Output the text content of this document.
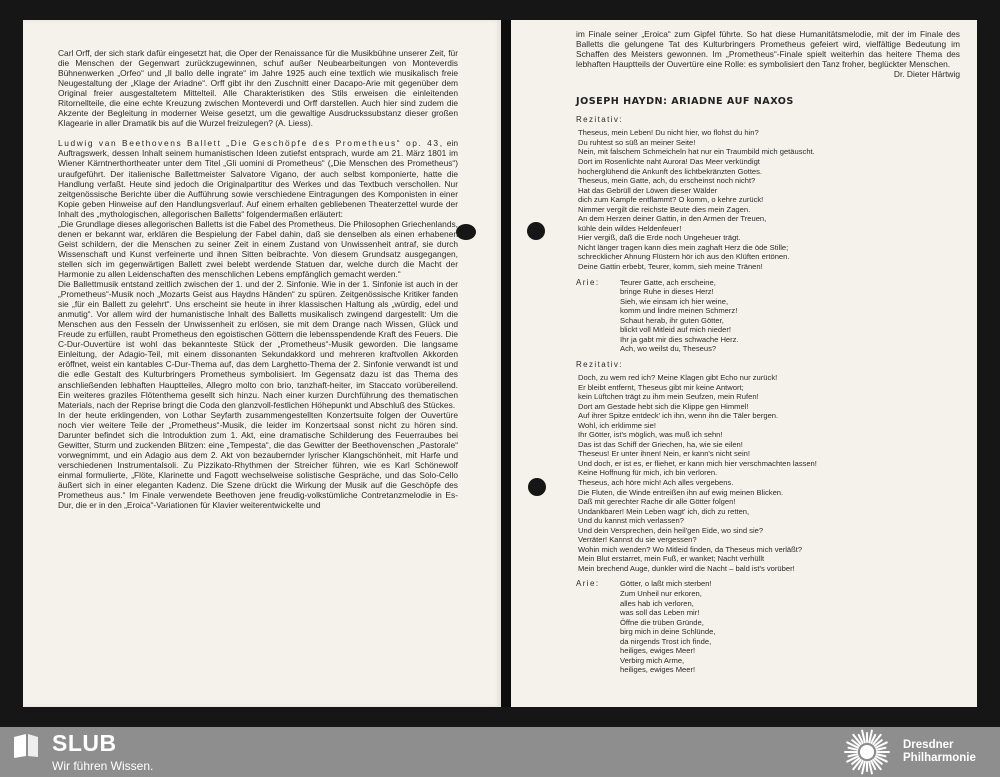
Carl Orff, der sich stark dafür eingesetzt hat, die Oper der Renaissance für die Musikbühne unserer Zeit, für die Menschen der Gegenwart zurückzugewinnen, schuf außer Neubearbeitungen von Monteverdis Bühnenwerken „Orfeo“ und „Il ballo delle ingrate“ im Jahre 1925 auch eine textlich wie musikalisch freie Neugestaltung der „Klage der Ariadne“. Orff gibt ihr den Zuschnitt einer Dacapo-Arie mit gegenüber dem Original freier ausgestaltetem Mittelteil. Alle Charakteristiken des Stils erweisen die einleitenden Ritornellteile, die eine echte Kreuzung zwischen Monteverdi und Orff darstellen. Auch hier sind zudem die Akzente der Begleitung in moderner Weise gesetzt, um die gewaltige Ausdruckssubstanz dieser großen Klagearie in aller Dramatik bis auf die Wurzel freizulegen? (A. Liess).

Ludwig van Beethovens Ballett „Die Geschöpfe des Prometheus“ op. 43, ein Auftragswerk, dessen Inhalt seinem humanistischen Ideen zutiefst entsprach, wurde am 21. März 1801 im Wiener Kärntnerthortheater unter dem Titel „Gli uomini di Prometheus“ („Die Menschen des Prometheus“) uraufgeführt. Der italienische Ballettmeister Salvatore Vigano, der auch selbst komponierte, hatte die Handlung verfaßt. Heute sind jedoch die Originalpartitur des Werkes und das Textbuch verschollen. Nur zeitgenössische Berichte über die Aufführung sowie verschiedene Eintragungen des Komponisten in einer Kopie geben Hinweise auf den Handlungsverlauf. Auf einem erhalten gebliebenen Theaterzettel wurde der Inhalt des „mythologischen, allegorischen Balletts“ folgendermaßen erläutert:

„Die Grundlage dieses allegorischen Balletts ist die Fabel des Prometheus. Die Philosophen Griechenlands, denen er bekannt war, erklären die Bespielung der Fabel dahin, daß sie denselben als einen erhabenen Geist schildern, der die Menschen zu seiner Zeit in einem Zustand von Unwissenheit antraf, sie durch Wissenschaft und Kunst verfeinerte und ihnen Sitten beibrachte. Von diesem Grundsatz ausgegangen, stellen sich im gegenwärtigen Ballett zwei belebt werdende Statuen dar, welche durch die Macht der Harmonie zu allen Leidenschaften des menschlichen Lebens empfänglich gemacht werden.“

Die Ballettmusik entstand zeitlich zwischen der 1. und der 2. Sinfonie. Wie in der 1. Sinfonie ist auch in der „Prometheus“-Musik noch „Mozarts Geist aus Haydns Händen“ zu spüren. Zeitgenössische Kritiker fanden sie „für ein Ballett zu gelehrt“. Uns erscheint sie heute in ihrer klassischen Haltung als „würdig, edel und anmutig“. Vor allem wird der humanistische Inhalt des Balletts musikalisch zwingend dargestellt: Um die Menschen aus den Fesseln der Unwissenheit zu erlösen, sie mit dem Drange nach Wissen, Glück und Freude zu erfüllen, raubt Prometheus den egoistischen Göttern die lebensspendende Kraft des Feuers. Die C-Dur-Ouvertüre ist wohl das bekannteste Stück der „Prometheus“-Musik geworden. Die langsame Einleitung, der Adagio-Teil, mit einem dissonanten Sekundakkord und mehreren kraftvollen Akkorden eröffnet, weist ein kantables C-Dur-Thema auf, das dem Larghetto-Thema der 2. Sinfonie verwandt ist und die edle Gestalt des Kulturbringers Prometheus symbolisiert. Im Gegensatz dazu ist das Thema des anschließenden lebhaften Hauptteiles, Allegro molto con brio, tanzhaft-heiter, im Staccato vorübereilend. Ein weiteres graziles Flötenthema gesellt sich hinzu. Nach einer kurzen Durchführung des thematischen Materials, nach der Reprise bringt die Coda den glanzvoll-festlichen Höhepunkt und Abschluß des Stückes.

In der heute erklingenden, von Lothar Seyfarth zusammengestellten Konzertsuite folgen der Ouvertüre noch vier weitere Teile der „Prometheus“-Musik, die leider im Konzertsaal sonst nicht zu hören sind. Darunter befindet sich die Introduktion zum 1. Akt, eine dramatische Schilderung des Feuerraubes bei Gewitter, Sturm und zuckenden Blitzen: eine „Tempesta“, die das Gewitter der Beethovenschen „Pastorale“ vorwegnimmt, und ein Adagio aus dem 2. Akt von bezaubernder lyrischer Klangschönheit, mit Harfe und verschiedenen Instrumentalsoli. Zu Pizzikato-Rhythmen der Streicher führen, wie es Karl Schönewolf einmal formulierte, „Flöte, Klarinette und Fagott wechselweise solistische Gespräche, und das Solo-Cello äußert sich in einer eleganten Kadenz. Die Szene drückt die Wirkung der Musik auf die Geschöpfe des Prometheus aus.“ Im Finale verwendete Beethoven jene freudig-volkstümliche Contretanzmelodie in Es-Dur, die er in den „Eroica“-Variationen für Klavier weiterentwickelte und

im Finale seiner „Eroica“ zum Gipfel führte. So hat diese Humanitätsmelodie, mit der im Finale des Balletts die gelungene Tat des Kulturbringers Prometheus gefeiert wird, vielfältige Bedeutung im Schaffen des Meisters gewonnen. Im „Prometheus“-Finale spielt weiterhin das heitere Thema des lebhaften Hauptteils der Ouvertüre eine Rolle: es symbolisiert den Tanz froher, beglückter Menschen.

Dr. Dieter Härtwig

JOSEPH HAYDN: ARIADNE AUF NAXOS
Rezitativ:
Theseus, mein Leben! Du nicht hier, wo flohst du hin?
Du ruhtest so süß an meiner Seite!
Nein, mit falschem Schmeicheln hat nur ein Traumbild mich getäuscht.
Dort im Rosenlichte naht Aurora! Das Meer verkündigt
hocherglühend die Ankunft des lichtbekränzten Gottes.
Theseus, mein Gatte, ach, du erscheinst noch nicht?
Hat das Gebrüll der Löwen dieser Wälder
dich zum Kampfe entflammt? O komm, o kehre zurück!
Nimmer vergilt die reichste Beute dies mein Zagen.
An dem Herzen deiner Gattin, in den Armen der Treuen,
kühle dein wildes Heldenfeuer!
Hier vergiß, daß die Erde noch Ungeheuer trägt.
Nicht länger tragen kann dies mein zaghaft Herz die öde Stille;
schrecklicher Ahnung Flüstern hör ich aus den Klüften ertönen.
Deine Gattin erbebt, Teurer, komm, sieh meine Tränen!
Arie:	Teurer Gatte, ach erscheine,
bringe Ruhe in dieses Herz!
Sieh, wie einsam ich hier weine,
komm und lindre meinen Schmerz!
Schaut herab, ihr guten Götter,
blickt voll Mitleid auf mich nieder!
Ihr ja gabt mir dies schwache Herz.
Ach, wo weilst du, Theseus?
Rezitativ:
Doch, zu wem red ich? Meine Klagen gibt Echo nur zurück!
Er bleibt entfernt, Theseus gibt mir keine Antwort;
kein Lüftchen trägt zu ihm mein Seufzen, mein Rufen!
Dort am Gestade hebt sich die Klippe gen Himmel!
Auf ihrer Spitze entdeck' ich ihn, wenn ihn die Täler bergen.
Wohl, ich erklimme sie!
Ihr Götter, ist's möglich, was muß ich sehn!
Das ist das Schiff der Griechen, ha, wie sie eilen!
Theseus! Er unter ihnen! Nein, er kann's nicht sein!
Und doch, er ist es, er fliehet, er kann mich hier verschmachten lassen!
Keine Hoffnung für mich, ich bin verloren.
Theseus, ach höre mich! Ach alles vergebens.
Die Fluten, die Winde entreißen ihn auf ewig meinen Blicken.
Daß mit gerechter Rache dir alle Götter folgen!
Undankbarer! Mein Leben wagt' ich, dich zu retten,
Und du kannst mich verlassen?
Und dein Versprechen, dein heil'gen Eide, wo sind sie?
Verräter! Kannst du sie vergessen?
Wohin mich wenden? Wo Mitleid finden, da Theseus mich verläßt?
Mein Blut erstarret, mein Fuß, er wanket; Nacht verhüllt
Mein brechend Auge, dunkler wird die Nacht – bald ist's vorüber!
Arie:	Götter, o laßt mich sterben!
Zum Unheil nur erkoren,
alles hab ich verloren,
was soll das Leben mir!
Öffne die trüben Gründe,
birg mich in deine Schlünde,
da nirgends Trost ich finde,
heiliges, ewiges Meer!
Verbirg mich Arme,
heiliges, ewiges Meer!
SLUB
Wir führen Wissen.
Dresdner
Philharmonie
